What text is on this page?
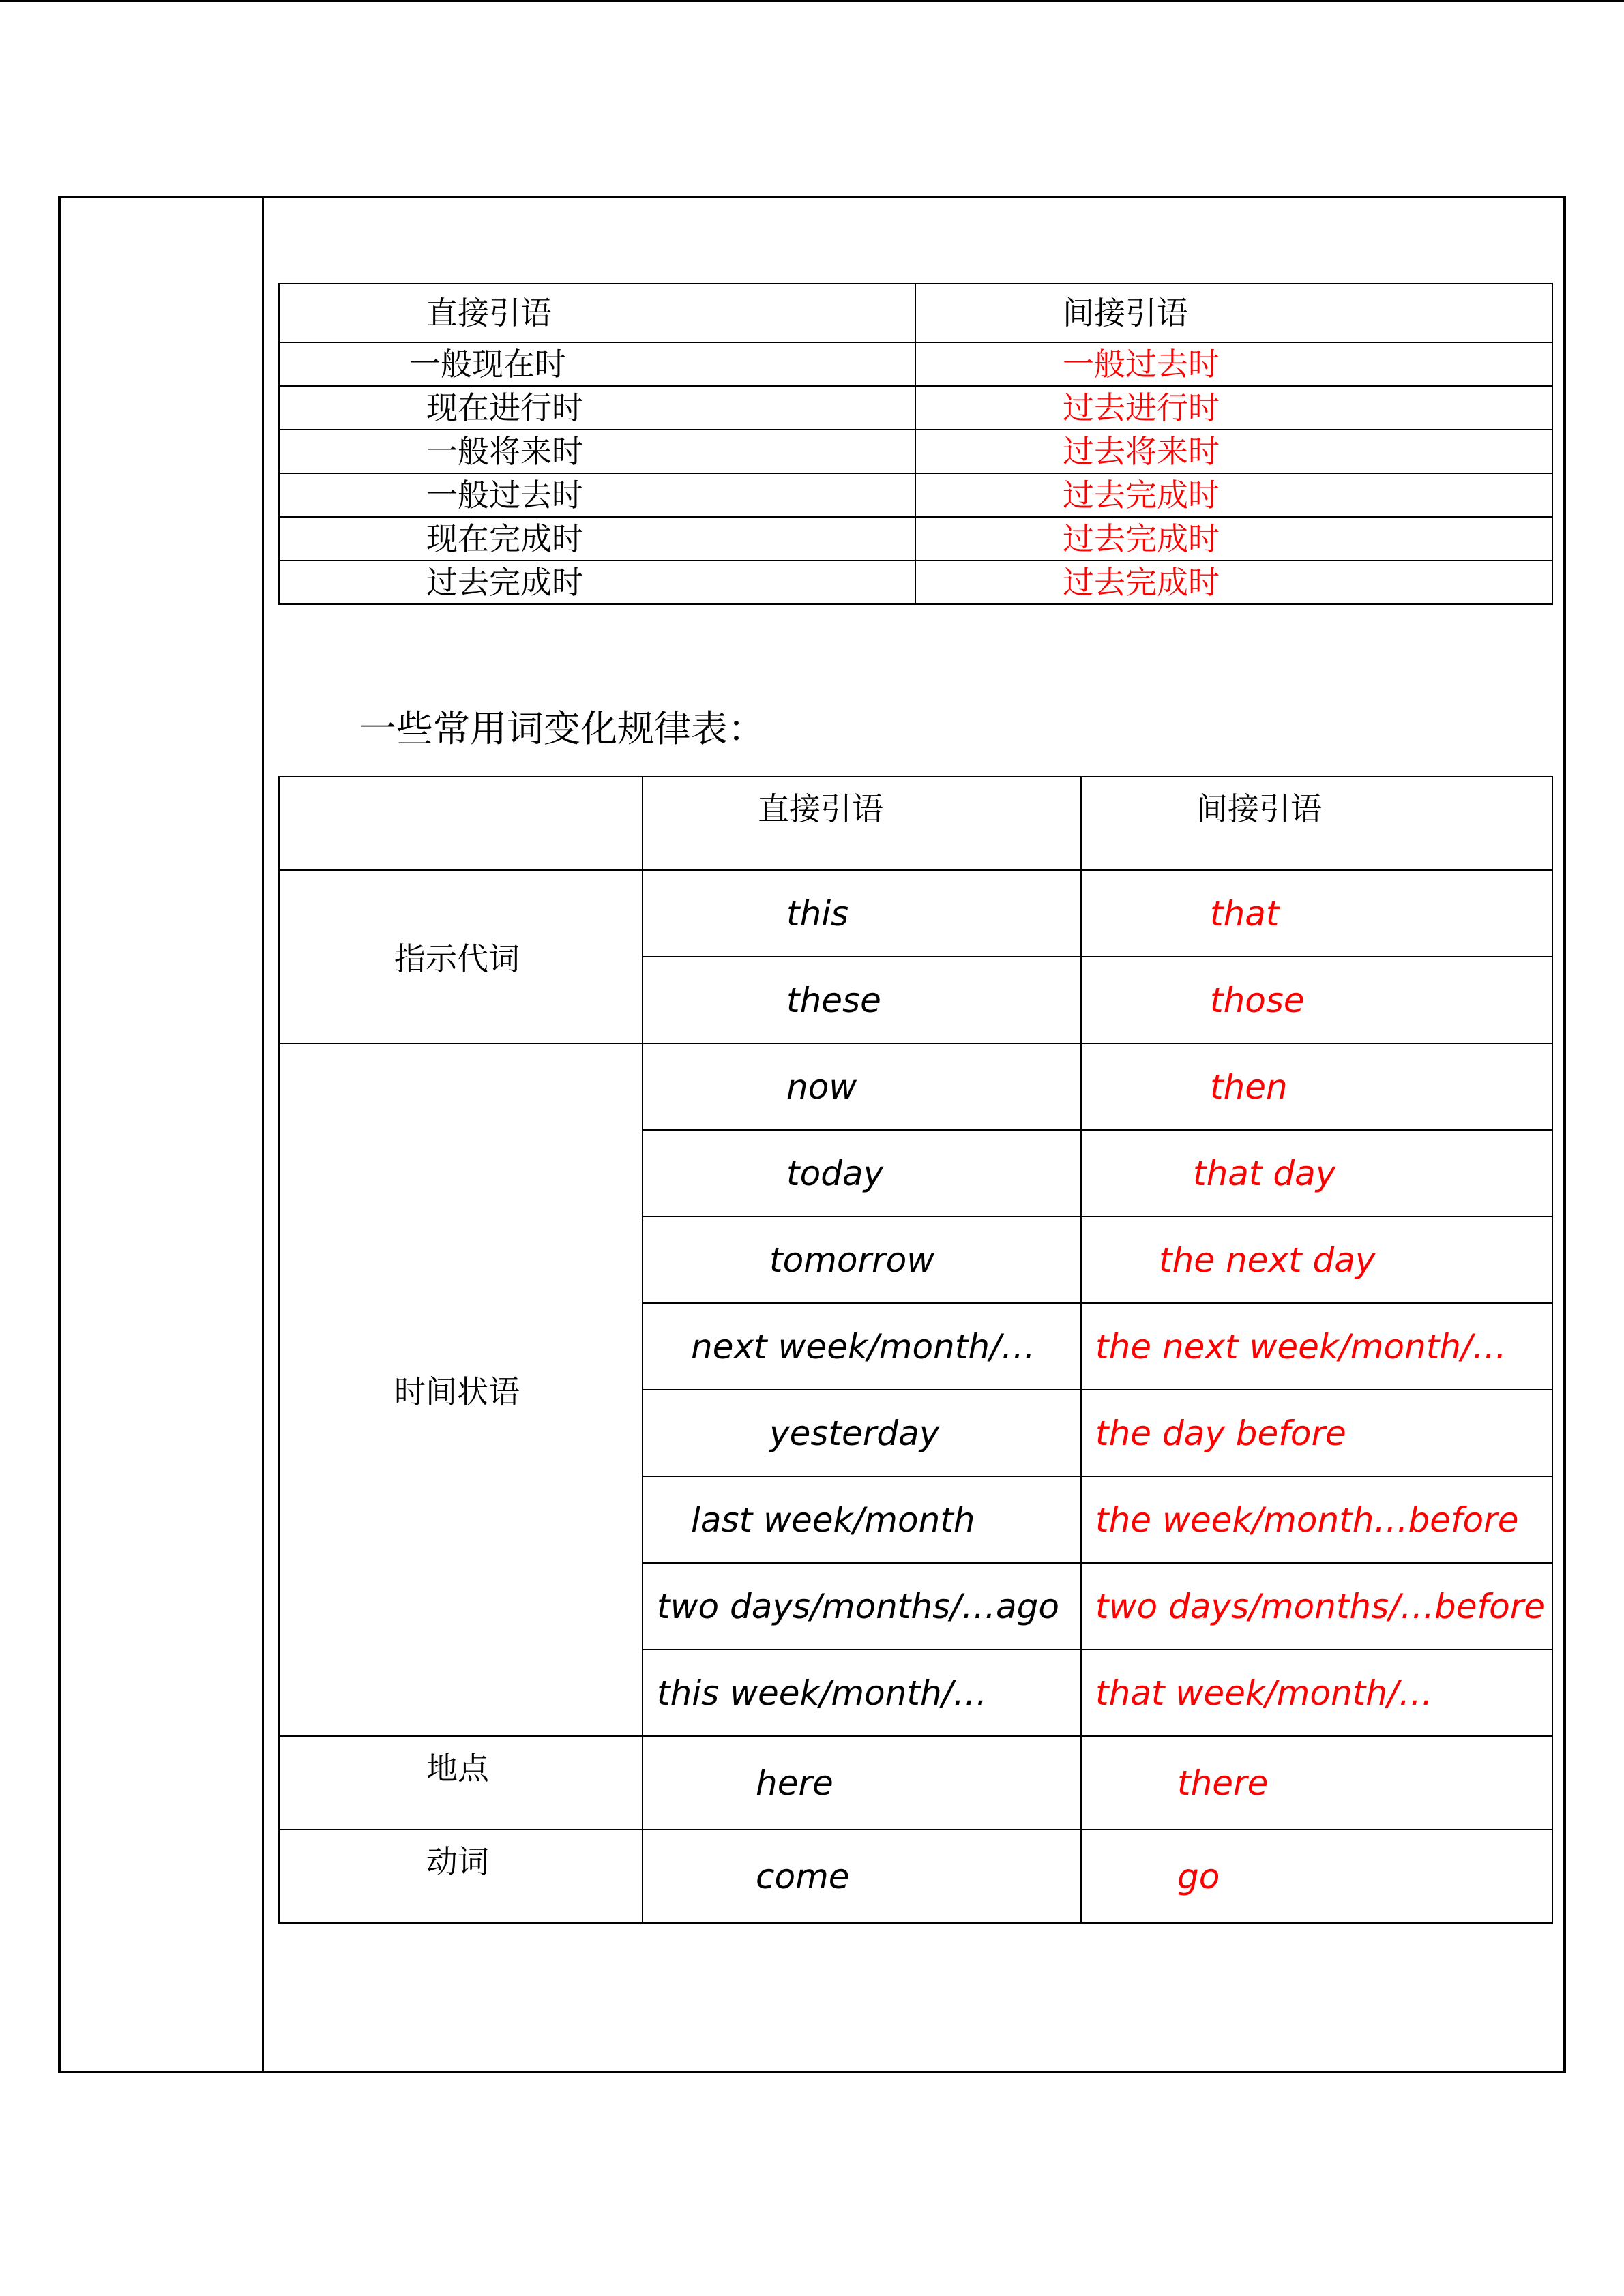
直接引语	间接引语
一般现在时	一般过去时
现在进行时	过去进行时
一般将来时	过去将来时
一般过去时	过去完成时
现在完成时	过去完成时
过去完成时	过去完成时
一些常用词变化规律表：
	直接引语	间接引语
指示代词	this	that
	these	those
时间状语	now	then
	today	that day
	tomorrow	the next day
	next week/month/…	the next week/month/…
	yesterday	the day before
	last week/month	the week/month…before
	two days/months/…ago	two days/months/…before
	this week/month/…	that week/month/…
地点	here	there
动词	come	go
